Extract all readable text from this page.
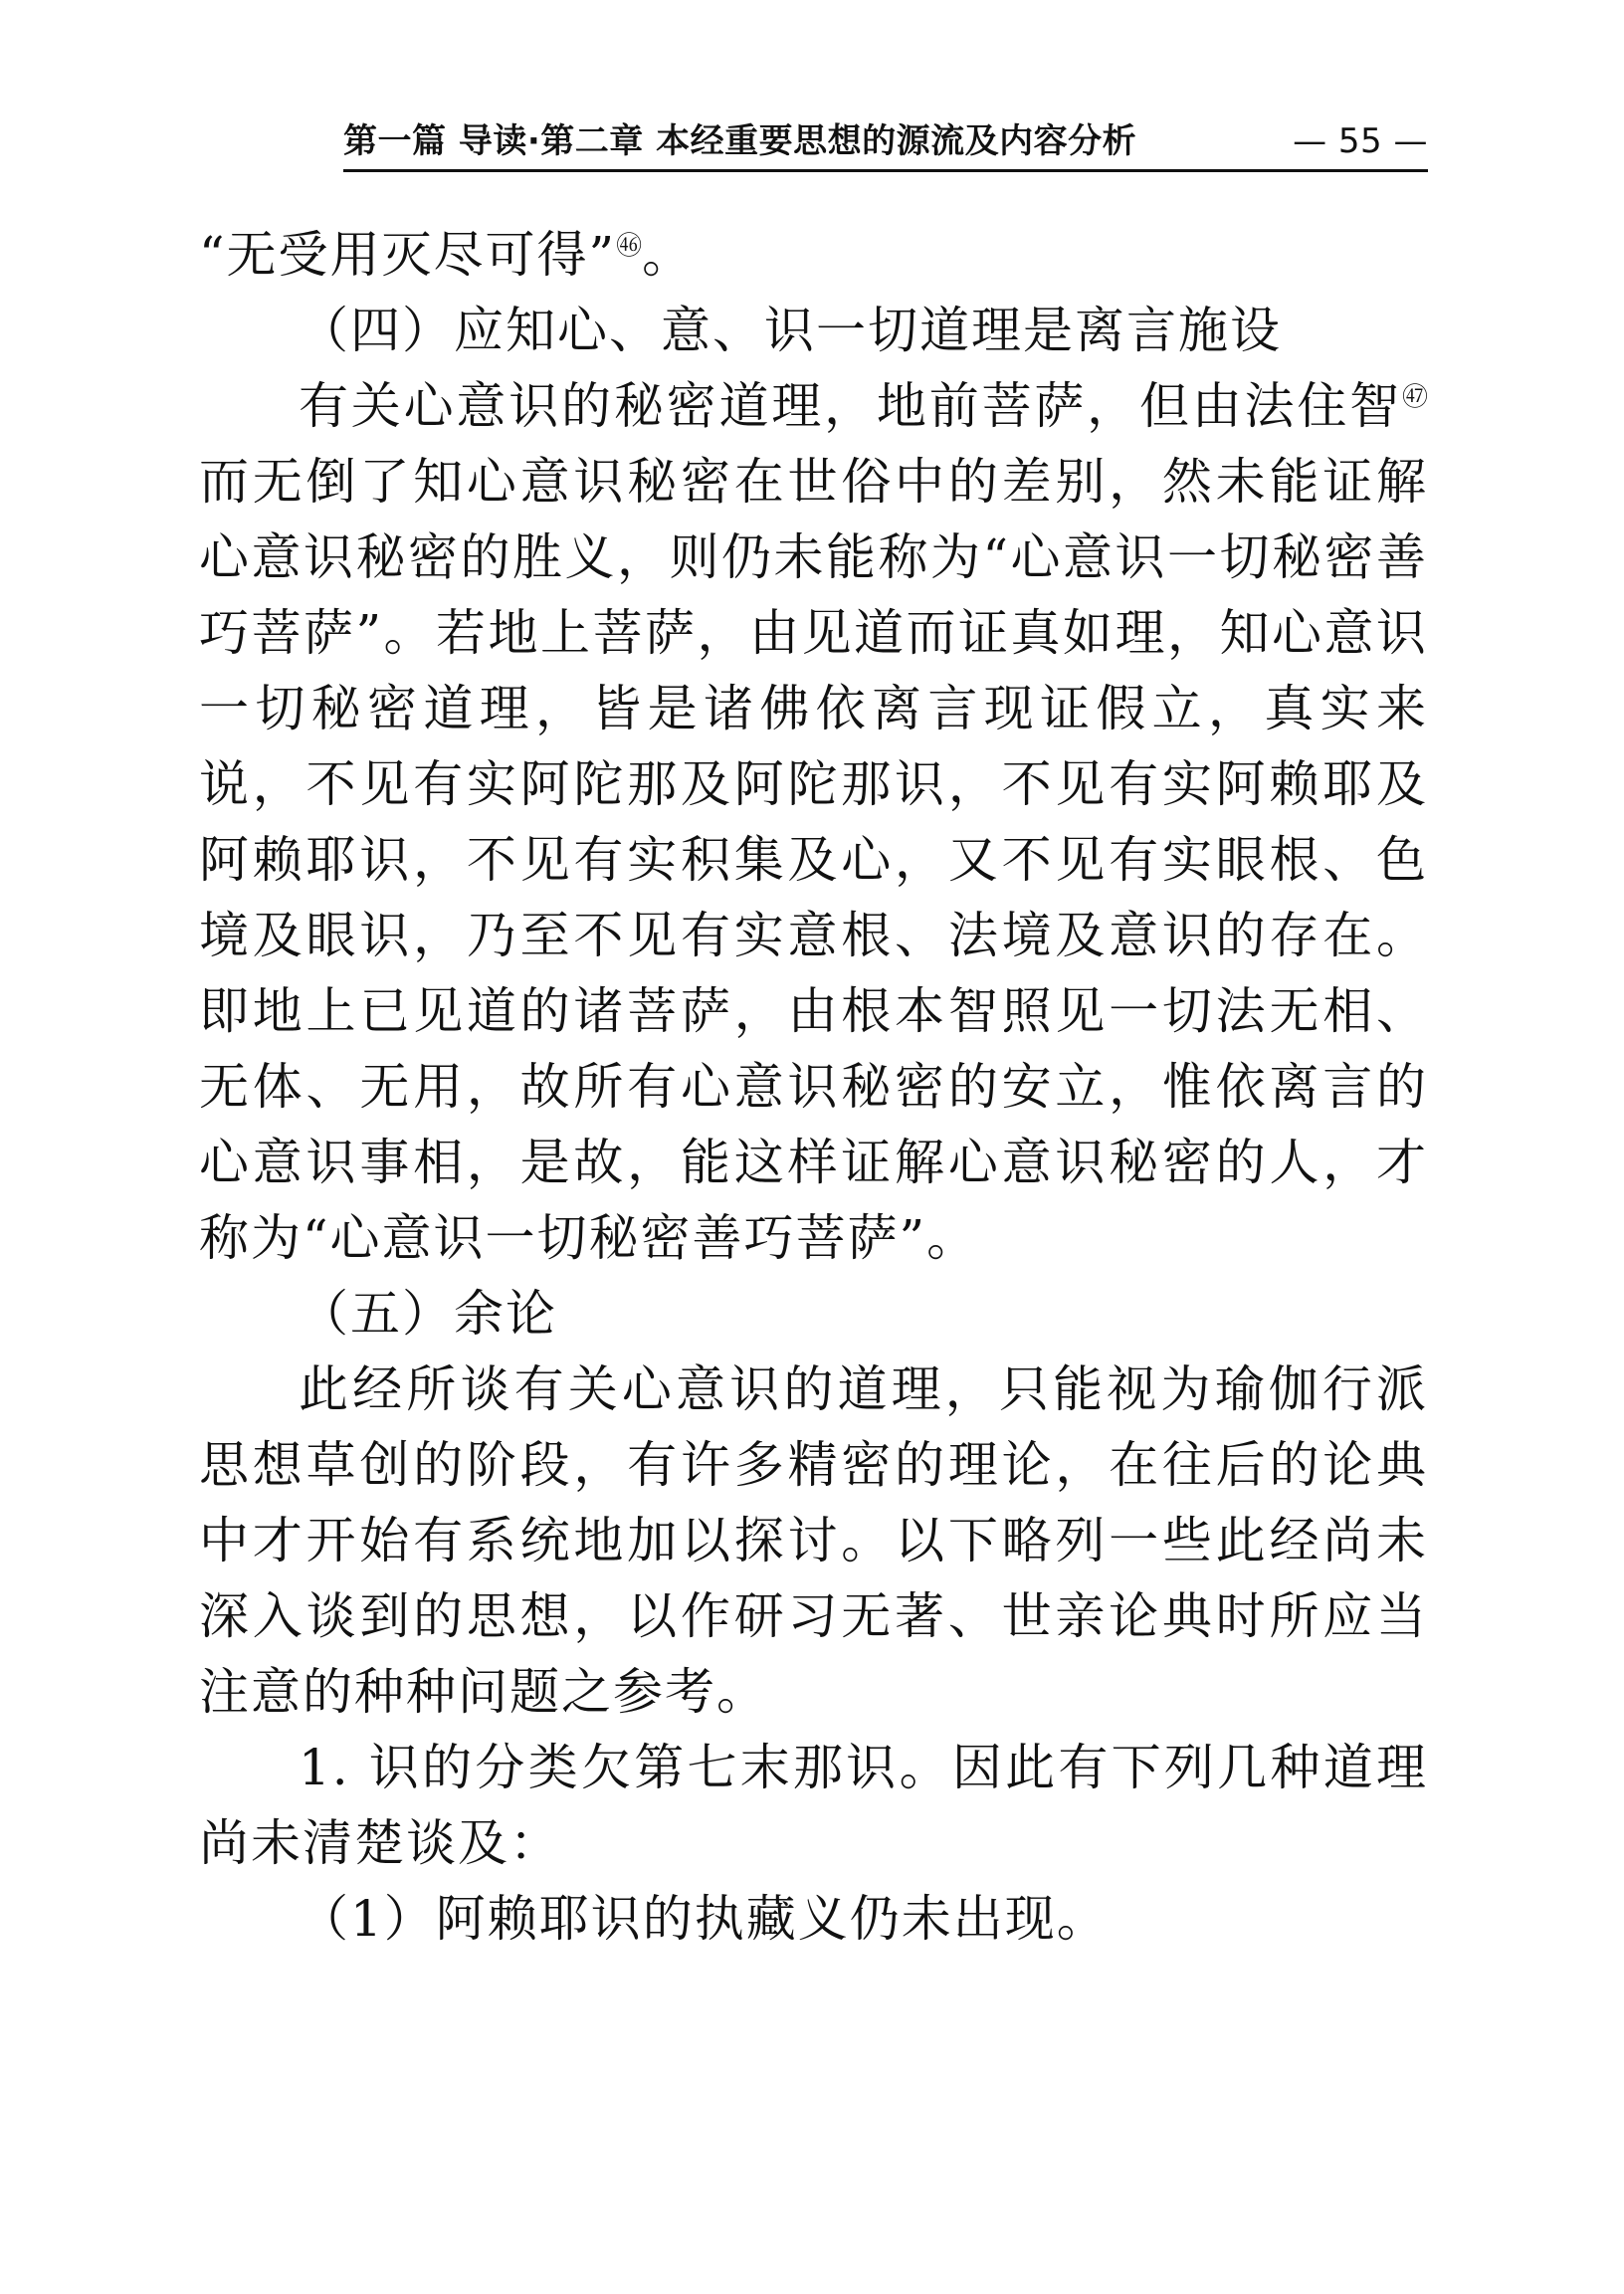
第一篇 导读·第二章 本经重要思想的源流及内容分析	— 55 —

“无受用灭尽可得”$^㊻$。

（四）应知心、意、识一切道理是离言施设

有关心意识的秘密道理，地前菩萨，但由法住智$^㊼$而无倒了知心意识秘密在世俗中的差别，然未能证解心意识秘密的胜义，则仍未能称为“心意识一切秘密善巧菩萨”。若地上菩萨，由见道而证真如理，知心意识一切秘密道理，皆是诸佛依离言现证假立，真实来说，不见有实阿陀那及阿陀那识，不见有实阿赖耶及阿赖耶识，不见有实积集及心，又不见有实眼根、色境及眼识，乃至不见有实意根、法境及意识的存在。即地上已见道的诸菩萨，由根本智照见一切法无相、无体、无用，故所有心意识秘密的安立，惟依离言的心意识事相，是故，能这样证解心意识秘密的人，才称为“心意识一切秘密善巧菩萨”。

（五）余论

此经所谈有关心意识的道理，只能视为瑜伽行派思想草创的阶段，有许多精密的理论，在往后的论典中才开始有系统地加以探讨。以下略列一些此经尚未深入谈到的思想，以作研习无著、世亲论典时所应当注意的种种问题之参考。

1. 识的分类欠第七末那识。因此有下列几种道理尚未清楚谈及：

（1）阿赖耶识的执藏义仍未出现。
